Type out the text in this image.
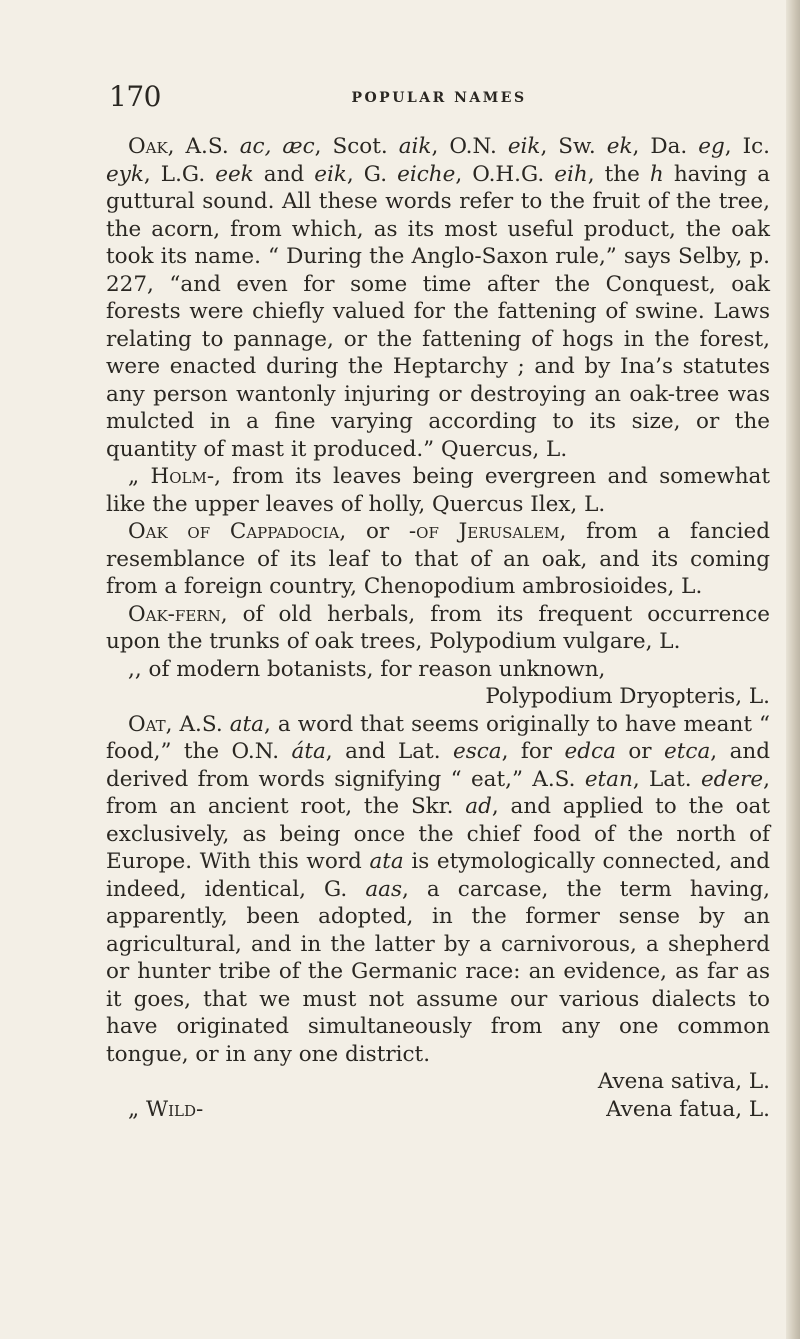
170	POPULAR NAMES

Oak, A.S. ac, æc, Scot. aik, O.N. eik, Sw. ek, Da. eg, Ic. eyk, L.G. eek and eik, G. eiche, O.H.G. eih, the h having a guttural sound. All these words refer to the fruit of the tree, the acorn, from which, as its most useful product, the oak took its name. “ During the Anglo-Saxon rule,” says Selby, p. 227, “and even for some time after the Conquest, oak forests were chiefly valued for the fattening of swine. Laws relating to pannage, or the fattening of hogs in the forest, were enacted during the Heptarchy ; and by Ina’s statutes any person wantonly injuring or destroying an oak-tree was mulcted in a fine varying according to its size, or the quantity of mast it produced.” Quercus, L.

„ Holm-, from its leaves being evergreen and somewhat like the upper leaves of holly, Quercus Ilex, L.

Oak of Cappadocia, or -of Jerusalem, from a fancied resemblance of its leaf to that of an oak, and its coming from a foreign country, Chenopodium ambrosioides, L.

Oak-fern, of old herbals, from its frequent occurrence upon the trunks of oak trees, Polypodium vulgare, L.

,, of modern botanists, for reason unknown,
Polypodium Dryopteris, L.

Oat, A.S. ata, a word that seems originally to have meant “ food,” the O.N. áta, and Lat. esca, for edca or etca, and derived from words signifying “ eat,” A.S. etan, Lat. edere, from an ancient root, the Skr. ad, and applied to the oat exclusively, as being once the chief food of the north of Europe. With this word ata is etymologically connected, and indeed, identical, G. aas, a carcase, the term having, apparently, been adopted, in the former sense by an agricultural, and in the latter by a carnivorous, a shepherd or hunter tribe of the Germanic race: an evidence, as far as it goes, that we must not assume our various dialects to have originated simultaneously from any one common tongue, or in any one district.
Avena sativa, L.

„ Wild-	Avena fatua, L.
